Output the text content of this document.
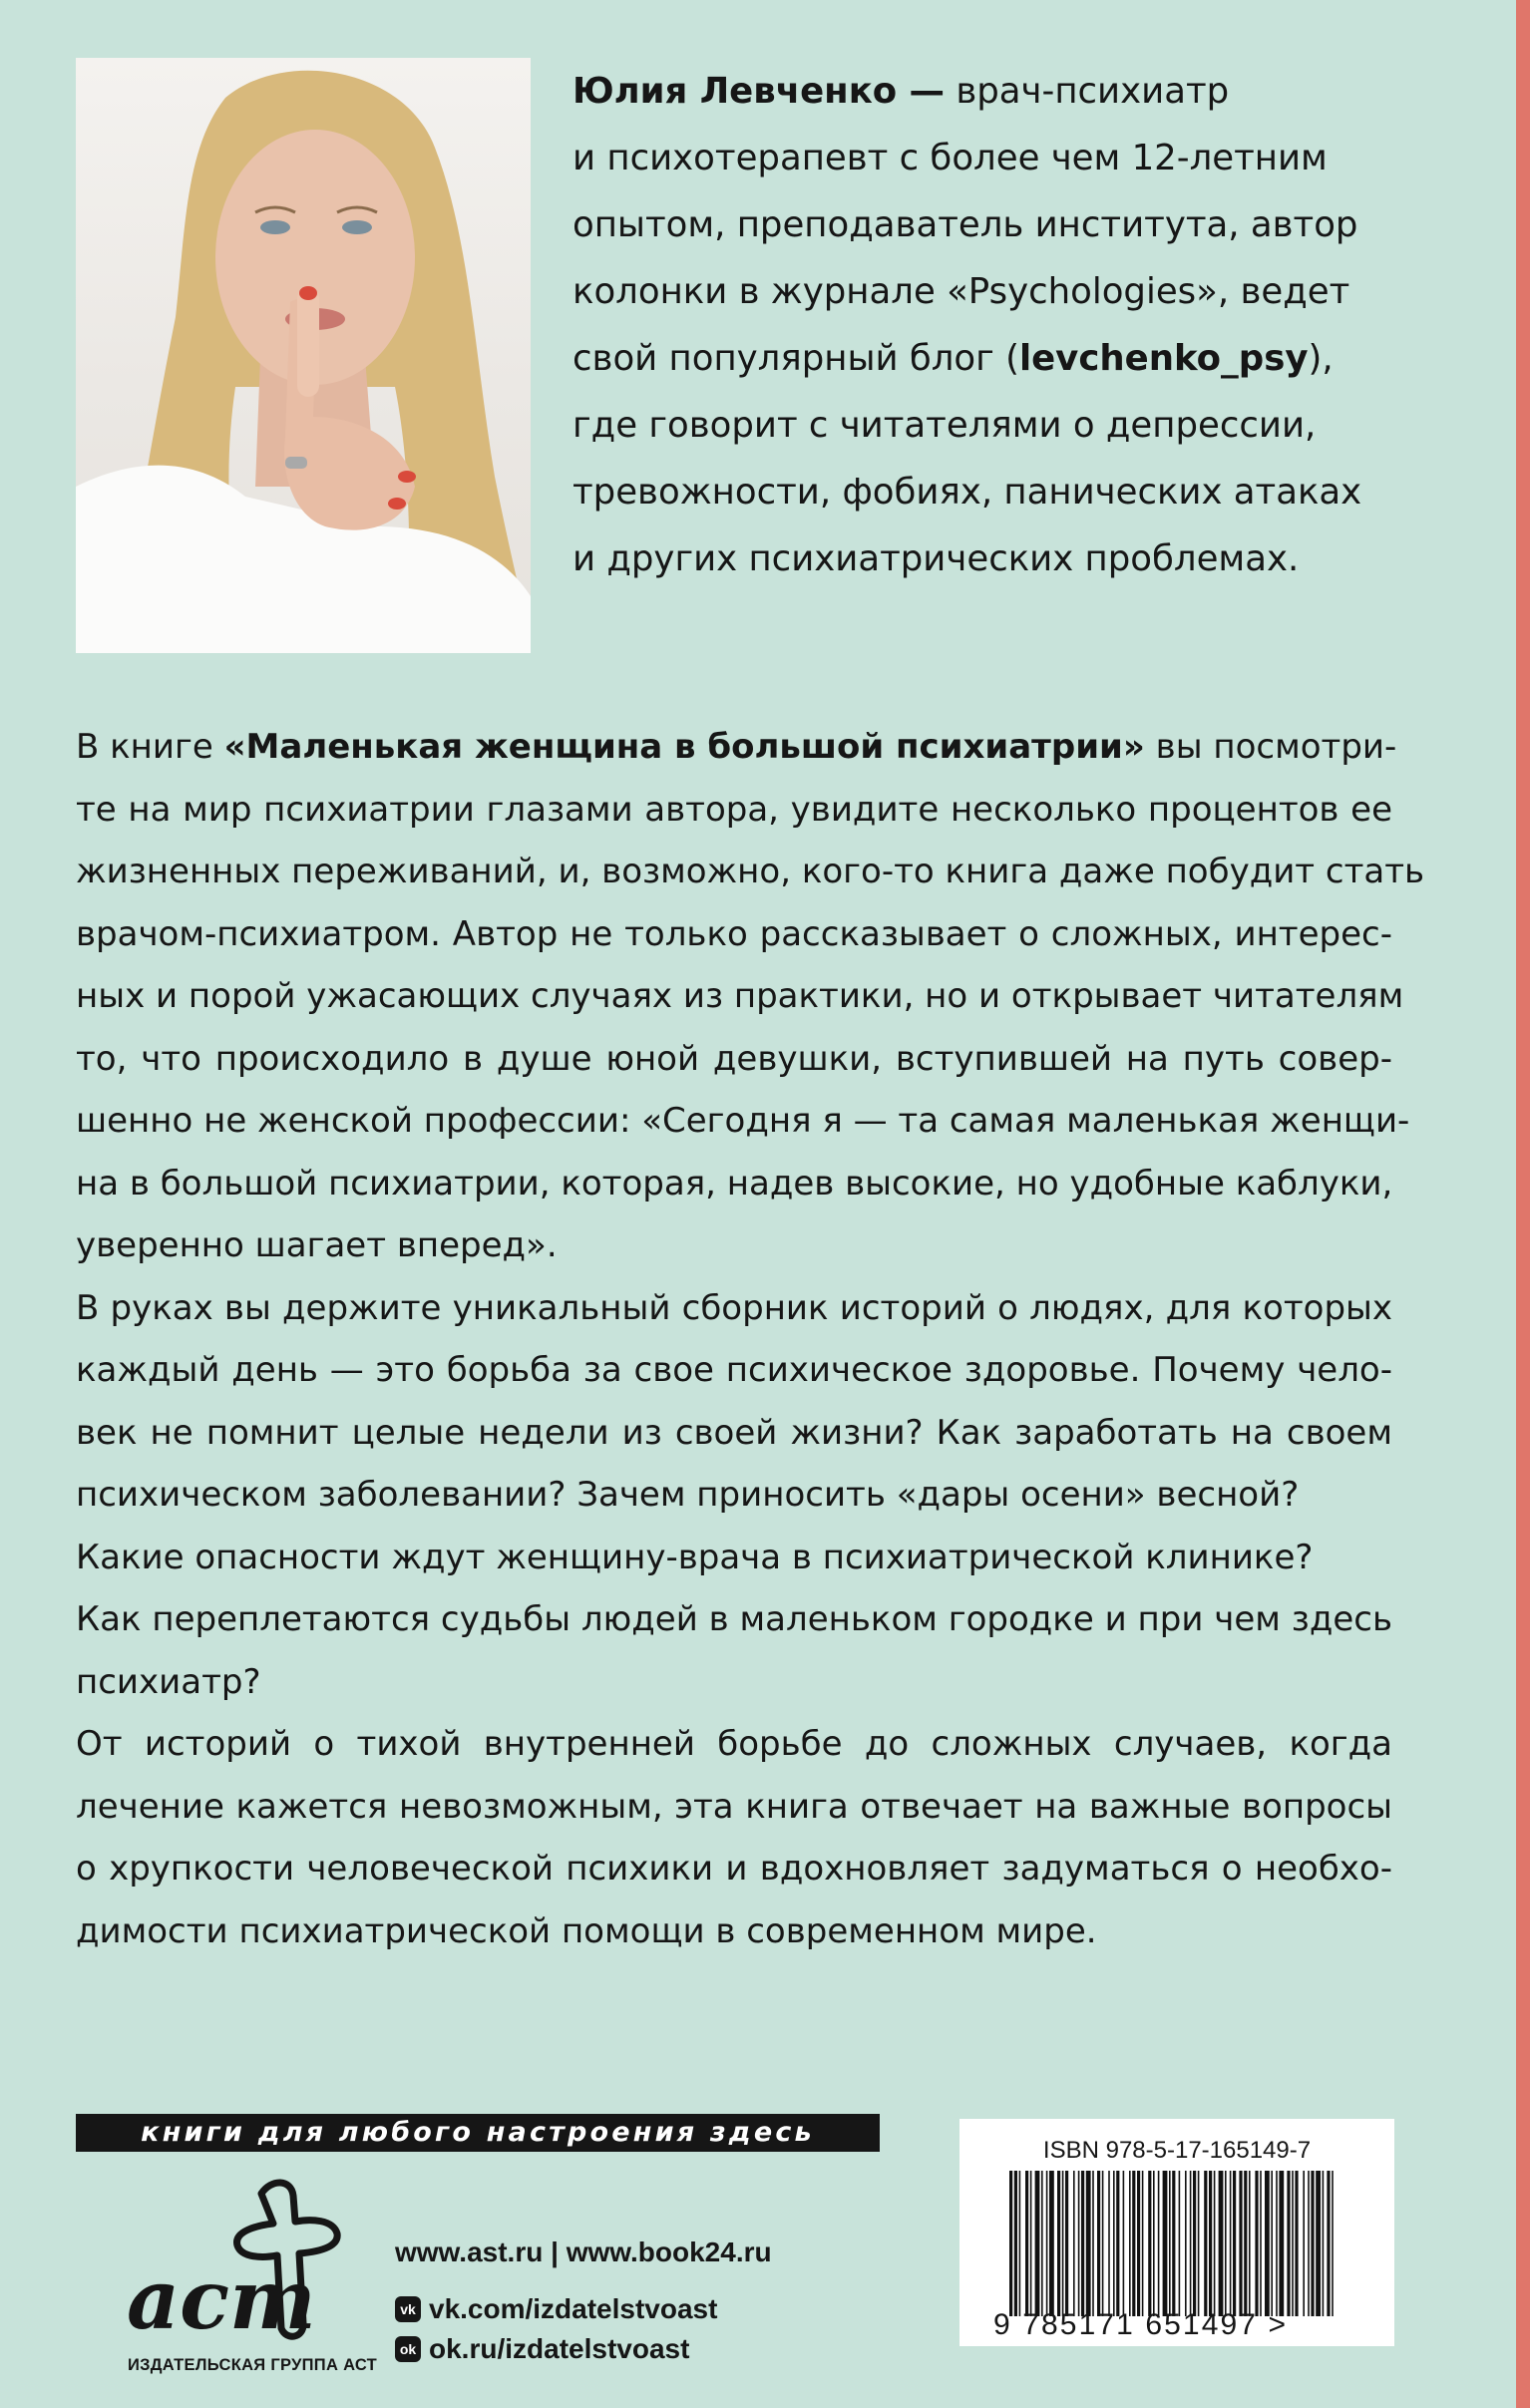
Юлия Левченко — врач-психиатр
и психотерапевт с более чем 12-летним
опытом, преподаватель института, автор
колонки в журнале «Psychologies», ведет
свой популярный блог (levchenko_psy),
где говорит с читателями о депрессии,
тревожности, фобиях, панических атаках
и других психиатрических проблемах.
В книге «Маленькая женщина в большой психиатрии» вы посмотри-
те на мир психиатрии глазами автора, увидите несколько процентов ее
жизненных переживаний, и, возможно, кого-то книга даже побудит стать
врачом-психиатром. Автор не только рассказывает о сложных, интерес-
ных и порой ужасающих случаях из практики, но и открывает читателям
то, что происходило в душе юной девушки, вступившей на путь совер-
шенно не женской профессии: «Сегодня я — та самая маленькая женщи-
на в большой психиатрии, которая, надев высокие, но удобные каблуки,
уверенно шагает вперед».
В руках вы держите уникальный сборник историй о людях, для которых
каждый день — это борьба за свое психическое здоровье. Почему чело-
век не помнит целые недели из своей жизни? Как заработать на своем
психическом заболевании? Зачем приносить «дары осени» весной?
Какие опасности ждут женщину-врача в психиатрической клинике?
Как переплетаются судьбы людей в маленьком городке и при чем здесь
психиатр?
От историй о тихой внутренней борьбе до сложных случаев, когда
лечение кажется невозможным, эта книга отвечает на важные вопросы
о хрупкости человеческой психики и вдохновляет задуматься о необхо-
димости психиатрической помощи в современном мире.
книги для любого настроения здесь
аст
ИЗДАТЕЛЬСКАЯ ГРУППА АСТ
www.ast.ru | www.book24.ru
vk vk.com/izdatelstvoast
ok ok.ru/izdatelstvoast
ISBN 978-5-17-165149-7
9 785171 651497 >
